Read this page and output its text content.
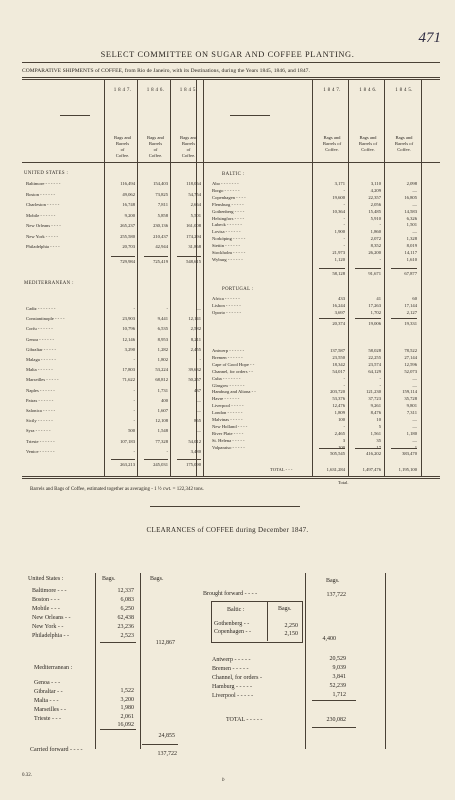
471
SELECT COMMITTEE ON SUGAR AND COFFEE PLANTING.
COMPARATIVE SHIPMENTS of COFFEE, from Rio de Janeiro, with its Destinations, during the Years 1845, 1846, and 1847.
1 8 4 7.	1 8 4 7.
Bags and
Barrels
of
Coffee.
Bags and
Barrels of
Coffee.
1 8 4 6.	1 8 4 6.
Bags and
Barrels
of
Coffee.
Bags and
Barrels of
Coffee.
1 8 4 5.	1 8 4 5.
Bags and
Barrels
of
Coffee.
Bags and
Barrels of
Coffee.
UNITED STATES :
Baltimore - - - - - -	116,494	154,403	118,064
Boston - - - - - -	49,062	73,825	54,754
Charleston - - - - -	16,748	7,811	2,664
Mobile - - - - - -	9,200	5,858	5,501
New Orleans - - - -	265,237	230,136	161,008
New York - - - - -	255,580	210,437	174,294
Philadelphia - - - -	20,703	42,944	31,868
729,984	725,419	548,615
MEDITERRANEAN :
Cadiz - - - - - - -	-	-	—
Constantinople - - - -	23,903	9,441	12,141
Corfu - - - - - -	10,796	6,535	2,582
Genoa - - - - - -	12,146	8,953	8,211
Gibraltar - - - - -	3,290	1,282	2,455
Malaga - - - - - -	-	1,802	-
Malta - - - - - -	17,803	53,224	39,632
Marseilles - - - - -	71,622	68,812	50,257
Naples - - - - - -	-	1,731	437
Patras - - - - - -	-	400	—
Salonica - - - - -	-	1,607	—
Sicily - - - - - -	-	12,108	865
Syra - - - - - -	500	1,548	—
Trieste - - - - - -	107,183	77,328	54,012
Venice - - - - - -	-	-	3,480
263,213	245,031	175,090
BALTIC :
Abo - - - - - - -	3,171	3,110	2,098
Borgo - - - - - -	-	4,209	—
Copenhagen - - - -	19,600	22,357	16,805
Flensburg - - - - -	-	2,056	—
Gothenberg - - - -	10,364	15,485	14,583
Helsingfors - - - -	-	5,910	6,326
Lubeck - - - - - -	-	-	1,501
Lovisa - - - - - -	1,900	1,860	—
Norköping - - - - -	-	2,072	1,328
Stettin - - - - - -	-	8,352	8,019
Stockholm - - - - -	21,973	26,200	14,117
Wyburg - - - - - -	1,120	-	1,610
58,128	91,671	67,877
PORTUGAL :
Africa - - - - - -	433	41	60
Lisbon - - - - - -	16,244	17,263	17,144
Oporto - - - - - -	3,697	1,702	2,127
20,374	19,006	19,331
Antwerp - - - - - -	137,587	58,028	78,522
Bremen - - - - - -	23,550	22,255	27,144
Cape of Good Hope - -	18,342	23,574	12,596
Channel, for orders - -	54,017	64,129	52,073
Cuba - - - - - - -	-	-	—
Glasgow - - - - - -	-	-	—
Hamburg and Altona - -	203,720	121,230	159,114
Havre - - - - - -	53,376	37,723	35,728
Liverpool - - - - -	12,476	9,261	9,801
London - - - - - -	1,809	8,476	7,311
Malvinas - - - - -	100	10	—
New Holland - - - -	-	5	—
River Plate - - - -	2,465	1,561	1,180
St. Helena - - - - -	3	35	—
Valparaiso - - - - -	100	17	1
505,545	416,202	383,470
TOTAL - - -	1,631,284	1,497,476	1,195,100
Total.
Barrels and Bags of Coffee, estimated together as averaging - 1 ½ cwt. = 122,342 tons.
CLEARANCES of COFFEE during December 1847.
United States :	Bags.	Bags.
Baltimore - - -	12,337
Boston - - -	6,083
Mobile - - -	6,250
New Orleans - -	62,438
New York - -	23,236
Philadelphia - -	2,523
112,867
Mediterranean :
Genoa - - -
1,522
Gibraltar - -
3,200
Malta - - -
1,980
Marseilles - -
2,061
Trieste - - -
16,092
24,855
Carried forward - - - -
137,722
Bags.
Brought forward - - - -	137,722
Baltic :	Bags.
Gothenberg - -	2,250
Copenhagen - -	2,150
4,400
Antwerp - - - - -	20,529
Bremen - - - - -	9,039
Channel, for orders -	3,841
Hamburg - - - - -	52,239
Liverpool - - - - -	1,712
TOTAL - - - - -	230,082
0.32.
b
